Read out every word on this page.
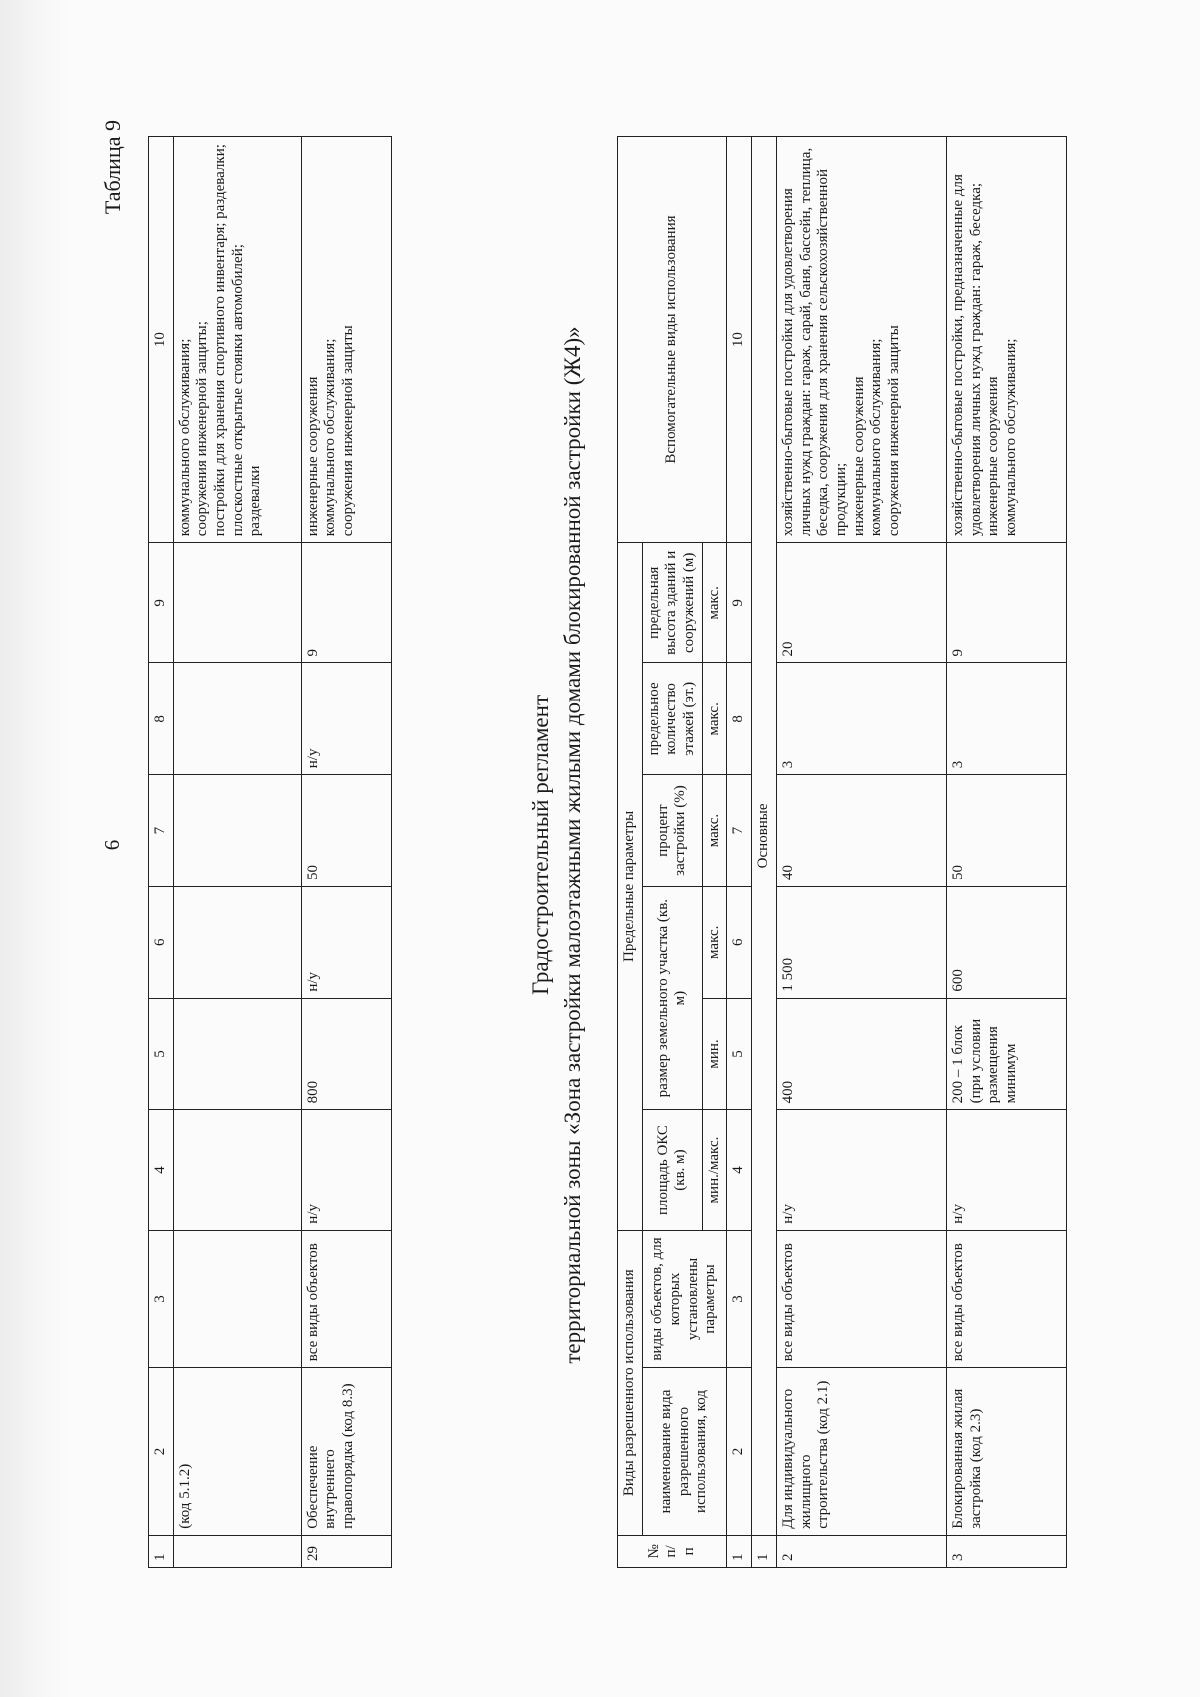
6
Таблица 9
1	2	3	4	5	6	7	8	9	10
	(код 5.1.2)								коммунального обслуживания;
сооружения инженерной защиты;
постройки для хранения спортивного инвентаря; раздевалки; плоскостные открытые стоянки автомобилей;
раздевалки
29	Обеспечение внутреннего правопорядка (код 8.3)	все виды объектов	н/у	800	н/у	50	н/у	9	инженерные сооружения
коммунального обслуживания;
сооружения инженерной защиты
Градостроительный регламент территориальной зоны «Зона застройки малоэтажными жилыми домами блокированной застройки (Ж4)»
№ п/п	Виды разрешенного использования		Предельные параметры						Вспомогательные виды использования
	наименование вида разрешенного использования, код	виды объектов, для которых установлены параметры	площадь ОКС (кв. м)	размер земельного участка (кв. м)		процент застройки (%)	предельное количество этажей (эт.)	предельная высота зданий и сооружений (м)	
			мин./макс.	мин.	макс.	макс.	макс.	макс.	
1	2	3	4	5	6	7	8	9	10
1	Основные								
2	Для индивидуального жилищного строительства (код 2.1)	все виды объектов	н/у	400	1 500	40	3	20	хозяйственно-бытовые постройки для удовлетворения личных нужд граждан: гараж, сарай, баня, бассейн, теплица, беседка, сооружения для хранения сельскохозяйственной продукции;
инженерные сооружения
коммунального обслуживания;
сооружения инженерной защиты
3	Блокированная жилая застройка (код 2.3)	все виды объектов	н/у	200 – 1 блок (при условии размещения минимум	600	50	3	9	хозяйственно-бытовые постройки, предназначенные для удовлетворения личных нужд граждан: гараж, беседка;
инженерные сооружения
коммунального обслуживания;
